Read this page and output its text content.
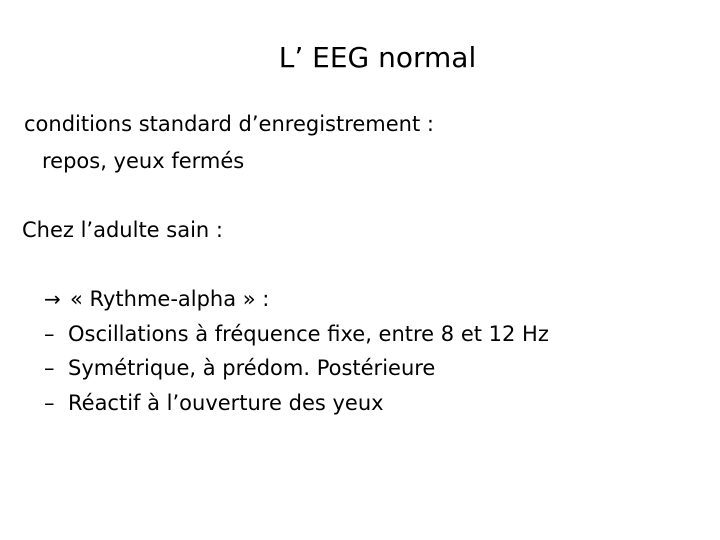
L’ EEG normal
conditions standard d’enregistrement :
repos, yeux fermés
Chez l’adulte sain :
→ « Rythme-alpha » :
– Oscillations à fréquence fixe, entre 8 et 12 Hz
– Symétrique, à prédom. Postérieure
– Réactif à l’ouverture des yeux
